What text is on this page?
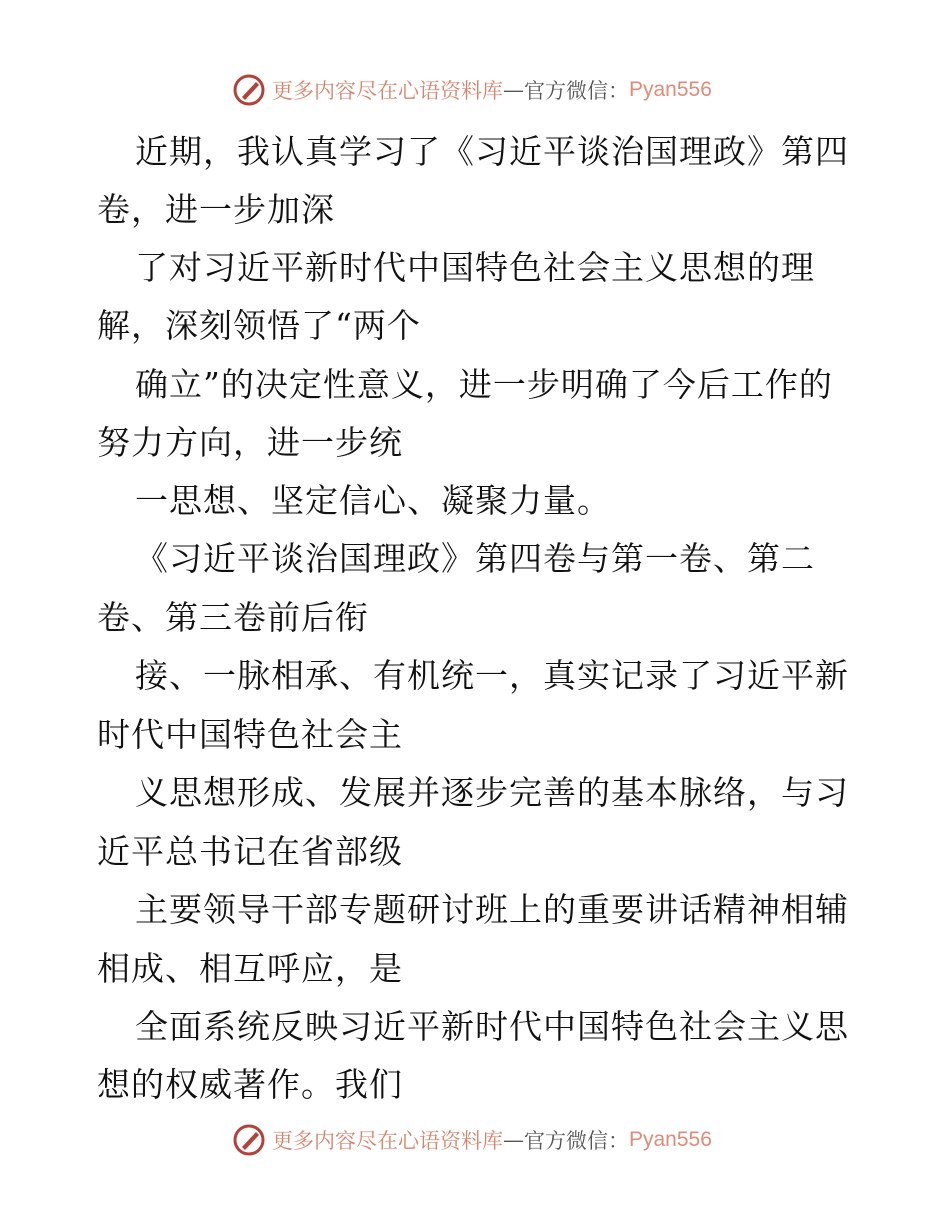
更多内容尽在心语资料库 — 官方微信： Pyan556
近期，我认真学习了《习近平谈治国理政》第四
卷，进一步加深
了对习近平新时代中国特色社会主义思想的理
解，深刻领悟了“两个
确立”的决定性意义，进一步明确了今后工作的
努力方向，进一步统
一思想、坚定信心、凝聚力量。
《习近平谈治国理政》第四卷与第一卷、第二
卷、第三卷前后衔
接、一脉相承、有机统一，真实记录了习近平新
时代中国特色社会主
义思想形成、发展并逐步完善的基本脉络，与习
近平总书记在省部级
主要领导干部专题研讨班上的重要讲话精神相辅
相成、相互呼应，是
全面系统反映习近平新时代中国特色社会主义思
想的权威著作。我们
更多内容尽在心语资料库 — 官方微信： Pyan556
